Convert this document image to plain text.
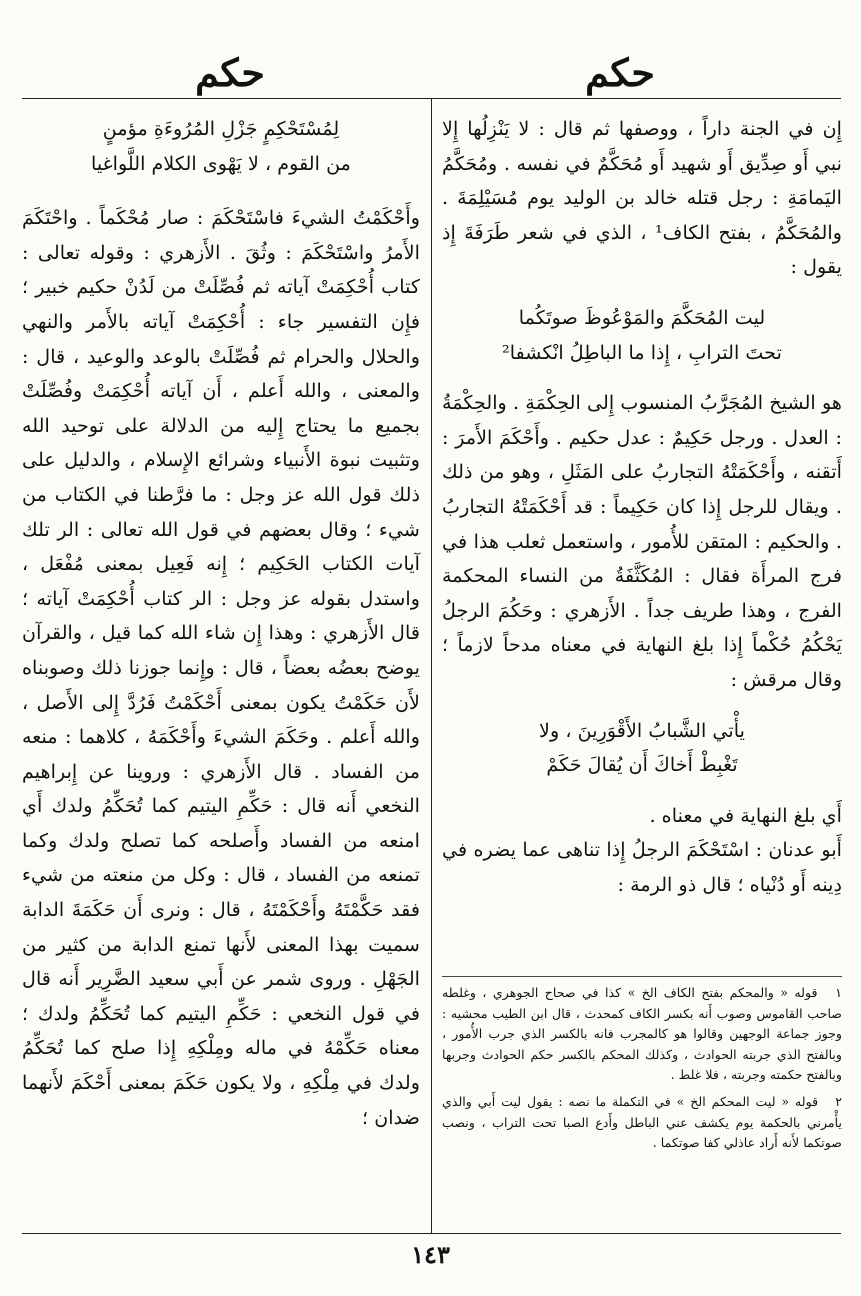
حكم	حكم

لِمُسْتَحْكِمٍ جَزْلِ المُرُوءَةِ مؤمنٍ

من القوم ، لا يَهْوى الكلام اللَّواغيا

وأَحْكَمْتُ الشيءَ فاسْتَحْكَمَ : صار مُحْكَماً . واحْتَكَمَ الأَمرُ واسْتَحْكَمَ : وثُقَ . الأَزهري : وقوله تعالى : كتاب أُحْكِمَتْ آياته ثم فُصِّلَتْ من لَدُنْ حكيم خبير ؛ فإِن التفسير جاء : أُحْكِمَتْ آياته بالأَمر والنهي والحلال والحرام ثم فُصِّلَتْ بالوعد والوعيد ، قال : والمعنى ، والله أَعلم ، أَن آياته أُحْكِمَتْ وفُصِّلَتْ بجميع ما يحتاج إِليه من الدلالة على توحيد الله وتثبيت نبوة الأَنبياء وشرائع الإِسلام ، والدليل على ذلك قول الله عز وجل : ما فرَّطنا في الكتاب من شيء ؛ وقال بعضهم في قول الله تعالى : الر تلك آيات الكتاب الحَكِيم ؛ إِنه فَعِيل بمعنى مُفْعَل ، واستدل بقوله عز وجل : الر كتاب أُحْكِمَتْ آياته ؛ قال الأَزهري : وهذا إِن شاء الله كما قيل ، والقرآن يوضح بعضُه بعضاً ، قال : وإِنما جوزنا ذلك وصوبناه لأَن حَكَمْتُ يكون بمعنى أَحْكَمْتُ فَرُدَّ إِلى الأَصل ، والله أَعلم . وحَكَمَ الشيءَ وأَحْكَمَهُ ، كلاهما : منعه من الفساد . قال الأَزهري : وروينا عن إِبراهيم النخعي أَنه قال : حَكِّمِ اليتيم كما تُحَكِّمُ ولدك أَي امنعه من الفساد وأَصلحه كما تصلح ولدك وكما تمنعه من الفساد ، قال : وكل من منعته من شيء فقد حَكَّمْتَهُ وأَحْكَمْتَهُ ، قال : ونرى أَن حَكَمَةَ الدابة سميت بهذا المعنى لأَنها تمنع الدابة من كثير من الجَهْلِ . وروى شمر عن أَبي سعيد الضَّرِير أَنه قال في قول النخعي : حَكِّمِ اليتيم كما تُحَكِّمُ ولدك ؛ معناه حَكِّمْهُ في ماله ومِلْكِهِ إِذا صلح كما تُحَكِّمُ ولدك في مِلْكِهِ ، ولا يكون حَكَمَ بمعنى أَحْكَمَ لأَنهما ضدان ؛

إِن في الجنة داراً ، ووصفها ثم قال : لا يَنْزِلُها إِلا نبي أَو صِدِّيق أَو شهيد أَو مُحَكَّمٌ في نفسه . ومُحَكَّمُ اليَمامَةِ : رجل قتله خالد بن الوليد يوم مُسَيْلِمَةَ . والمُحَكَّمُ ، بفتح الكاف¹ ، الذي في شعر طَرَفَةَ إِذ يقول :

ليت المُحَكَّمَ والمَوْعُوظَ صوتَكُما

تحتَ الترابِ ، إِذا ما الباطِلُ انْكشفا²

هو الشيخ المُجَرَّبُ المنسوب إِلى الحِكْمَةِ . والحِكْمَةُ : العدل . ورجل حَكِيمٌ : عدل حكيم . وأَحْكَمَ الأَمرَ : أَتقنه ، وأَحْكَمَتْهُ التجاربُ على المَثَلِ ، وهو من ذلك . ويقال للرجل إِذا كان حَكِيماً : قد أَحْكَمَتْهُ التجاربُ . والحكيم : المتقن للأُمور ، واستعمل ثعلب هذا في فرج المرأَة فقال : المُكَثَّفَةُ من النساء المحكمة الفرج ، وهذا طريف جداً . الأَزهري : وحَكُمَ الرجلُ يَحْكُمُ حُكْماً إِذا بلغ النهاية في معناه مدحاً لازماً ؛ وقال مرقش :

يأْتي الشَّبابُ الأَقْوَرِينَ ، ولا

تَغْبِطْ أَخاكَ أَن يُقالَ حَكَمْ

أَي بلغ النهاية في معناه .

أَبو عدنان : اسْتَحْكَمَ الرجلُ إِذا تناهى عما يضره في دِينه أَو دُنْياه ؛ قال ذو الرمة :

١ قوله « والمحكم بفتح الكاف الخ » كذا في صحاح الجوهري ، وغلطه صاحب القاموس وصوب أَنه بكسر الكاف كمحدث ، قال ابن الطيب محشيه : وجوز جماعة الوجهين وقالوا هو كالمجرب فانه بالكسر الذي جرب الأُمور ، وبالفتح الذي جربته الحوادث ، وكذلك المحكم بالكسر حكم الحوادث وجربها وبالفتح حكمته وجربته ، فلا غلط .

٢ قوله « ليت المحكم الخ » في التكملة ما نصه : يقول ليت أَبي والذي يأْمرني بالحكمة يوم يكشف عني الباطل وأَدع الصبا تحت التراب ، ونصب صوتكما لأَنه أَراد عاذلي كفا صوتكما .

١٤٣
